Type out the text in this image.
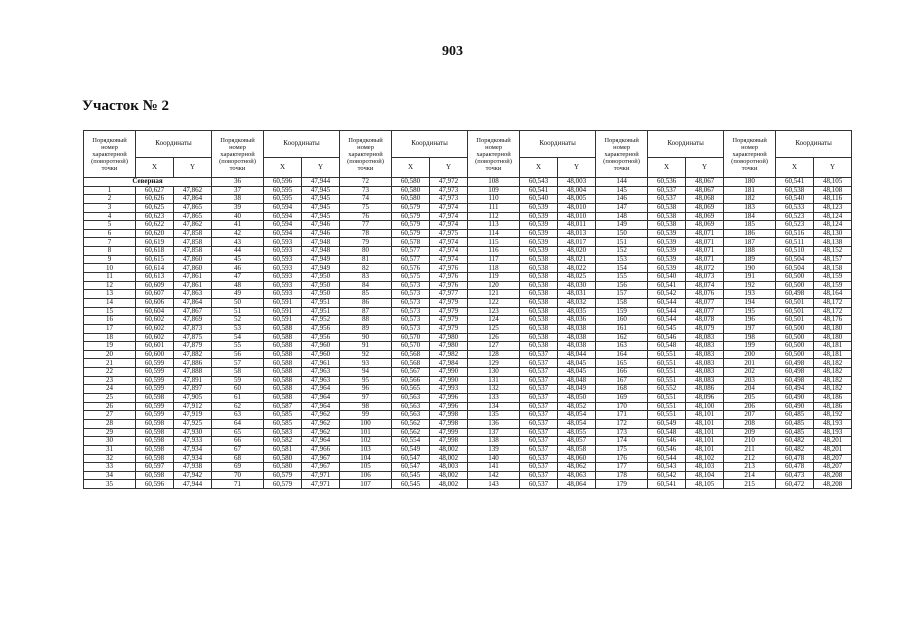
903
Участок № 2
Порядковый номер характерной (поворотной) точки	Координаты		Порядковый номер характерной (поворотной) точки	Координаты		Порядковый номер характерной (поворотной) точки	Координаты		Порядковый номер характерной (поворотной) точки	Координаты		Порядковый номер характерной (поворотной) точки	Координаты		Порядковый номер характерной (поворотной) точки	Координаты	
	X	Y		X	Y		X	Y		X	Y		X	Y		X	Y
Северная			36	60,596	47,944	72	60,580	47,972	108	60,543	48,003	144	60,536	48,067	180	60,541	48,105
1	60,627	47,862	37	60,595	47,945	73	60,580	47,973	109	60,541	48,004	145	60,537	48,067	181	60,538	48,108
2	60,626	47,864	38	60,595	47,945	74	60,580	47,973	110	60,540	48,005	146	60,537	48,068	182	60,540	48,116
3	60,625	47,865	39	60,594	47,945	75	60,579	47,974	111	60,539	48,010	147	60,538	48,069	183	60,533	48,123
4	60,623	47,865	40	60,594	47,945	76	60,579	47,974	112	60,539	48,010	148	60,538	48,069	184	60,523	48,124
5	60,622	47,862	41	60,594	47,946	77	60,579	47,974	113	60,539	48,011	149	60,538	48,069	185	60,523	48,124
6	60,620	47,858	42	60,594	47,946	78	60,579	47,975	114	60,539	48,013	150	60,539	48,071	186	60,516	48,130
7	60,619	47,858	43	60,593	47,948	79	60,578	47,974	115	60,539	48,017	151	60,539	48,071	187	60,511	48,138
8	60,618	47,858	44	60,593	47,948	80	60,577	47,974	116	60,539	48,020	152	60,539	48,071	188	60,510	48,152
9	60,615	47,860	45	60,593	47,949	81	60,577	47,974	117	60,538	48,021	153	60,539	48,071	189	60,504	48,157
10	60,614	47,860	46	60,593	47,949	82	60,576	47,976	118	60,538	48,022	154	60,539	48,072	190	60,504	48,158
11	60,613	47,861	47	60,593	47,950	83	60,575	47,976	119	60,538	48,025	155	60,540	48,073	191	60,500	48,159
12	60,609	47,861	48	60,593	47,950	84	60,573	47,976	120	60,538	48,030	156	60,541	48,074	192	60,500	48,159
13	60,607	47,863	49	60,593	47,950	85	60,573	47,977	121	60,538	48,031	157	60,542	48,076	193	60,498	48,164
14	60,606	47,864	50	60,591	47,951	86	60,573	47,979	122	60,538	48,032	158	60,544	48,077	194	60,501	48,172
15	60,604	47,867	51	60,591	47,951	87	60,573	47,979	123	60,538	48,035	159	60,544	48,077	195	60,501	48,172
16	60,602	47,869	52	60,591	47,952	88	60,573	47,979	124	60,538	48,036	160	60,544	48,078	196	60,501	48,176
17	60,602	47,873	53	60,588	47,956	89	60,573	47,979	125	60,538	48,038	161	60,545	48,079	197	60,500	48,180
18	60,602	47,875	54	60,588	47,956	90	60,570	47,980	126	60,538	48,038	162	60,546	48,083	198	60,500	48,180
19	60,601	47,879	55	60,588	47,960	91	60,570	47,980	127	60,538	48,038	163	60,548	48,083	199	60,500	48,181
20	60,600	47,882	56	60,588	47,960	92	60,568	47,982	128	60,537	48,044	164	60,551	48,083	200	60,500	48,181
21	60,599	47,886	57	60,588	47,961	93	60,568	47,984	129	60,537	48,045	165	60,551	48,083	201	60,498	48,182
22	60,599	47,888	58	60,588	47,963	94	60,567	47,990	130	60,537	48,045	166	60,551	48,083	202	60,498	48,182
23	60,599	47,891	59	60,588	47,963	95	60,566	47,990	131	60,537	48,048	167	60,551	48,083	203	60,498	48,182
24	60,599	47,897	60	60,588	47,964	96	60,565	47,993	132	60,537	48,049	168	60,552	48,086	204	60,494	48,182
25	60,598	47,905	61	60,588	47,964	97	60,563	47,996	133	60,537	48,050	169	60,551	48,096	205	60,490	48,186
26	60,599	47,912	62	60,587	47,964	98	60,563	47,996	134	60,537	48,052	170	60,551	48,100	206	60,490	48,186
27	60,599	47,919	63	60,585	47,962	99	60,563	47,998	135	60,537	48,054	171	60,551	48,101	207	60,485	48,192
28	60,598	47,925	64	60,585	47,962	100	60,562	47,998	136	60,537	48,054	172	60,549	48,101	208	60,485	48,193
29	60,598	47,930	65	60,583	47,962	101	60,562	47,999	137	60,537	48,055	173	60,548	48,101	209	60,485	48,193
30	60,598	47,933	66	60,582	47,964	102	60,554	47,998	138	60,537	48,057	174	60,546	48,101	210	60,482	48,201
31	60,598	47,934	67	60,581	47,966	103	60,549	48,002	139	60,537	48,058	175	60,546	48,101	211	60,482	48,201
32	60,598	47,934	68	60,580	47,967	104	60,547	48,002	140	60,537	48,060	176	60,544	48,102	212	60,478	48,207
33	60,597	47,938	69	60,580	47,967	105	60,547	48,003	141	60,537	48,062	177	60,543	48,103	213	60,478	48,207
34	60,598	47,942	70	60,579	47,971	106	60,545	48,002	142	60,537	48,063	178	60,542	48,104	214	60,473	48,208
35	60,596	47,944	71	60,579	47,971	107	60,545	48,002	143	60,537	48,064	179	60,541	48,105	215	60,472	48,208
